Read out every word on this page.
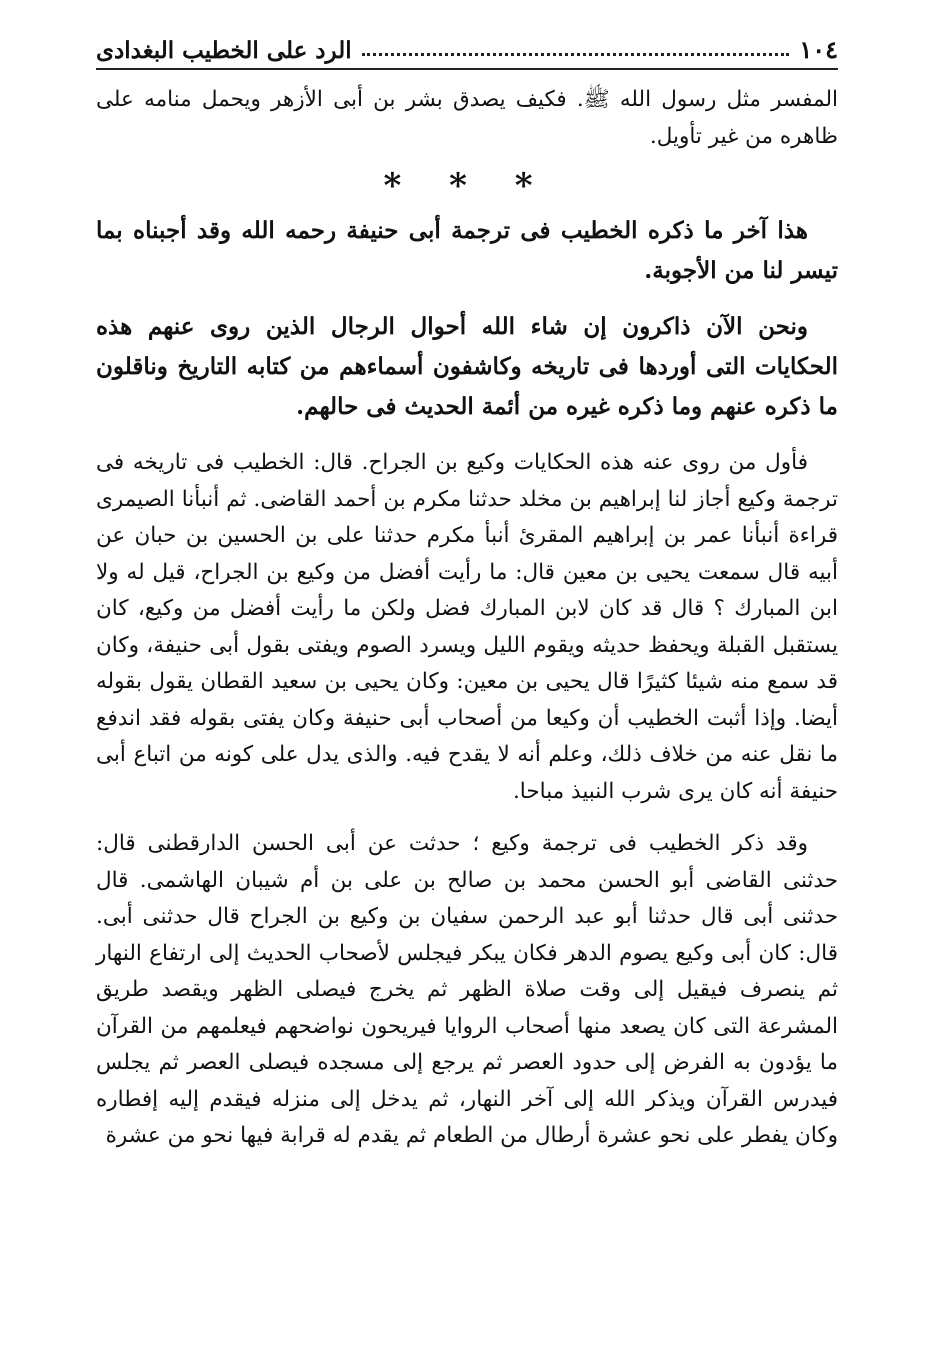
١٠٤
الرد على الخطيب البغدادى

المفسر مثل رسول الله ﷺ. فكيف يصدق بشر بن أبى الأزهر ويحمل منامه على ظاهره من غير تأويل.

* * *

هذا آخر ما ذكره الخطيب فى ترجمة أبى حنيفة رحمه الله وقد أجبناه بما تيسر لنا من الأجوبة.

ونحن الآن ذاكرون إن شاء الله أحوال الرجال الذين روى عنهم هذه الحكايات التى أوردها فى تاريخه وكاشفون أسماءهم من كتابه التاريخ وناقلون ما ذكره عنهم وما ذكره غيره من أئمة الحديث فى حالهم.

فأول من روى عنه هذه الحكايات وكيع بن الجراح. قال: الخطيب فى تاريخه فى ترجمة وكيع أجاز لنا إبراهيم بن مخلد حدثنا مكرم بن أحمد القاضى. ثم أنبأنا الصيمرى قراءة أنبأنا عمر بن إبراهيم المقرئ أنبأ مكرم حدثنا على بن الحسين بن حبان عن أبيه قال سمعت يحيى بن معين قال: ما رأيت أفضل من وكيع بن الجراح، قيل له ولا ابن المبارك ؟ قال قد كان لابن المبارك فضل ولكن ما رأيت أفضل من وكيع، كان يستقبل القبلة ويحفظ حديثه ويقوم الليل ويسرد الصوم ويفتى بقول أبى حنيفة، وكان قد سمع منه شيئا كثيرًا قال يحيى بن معين: وكان يحيى بن سعيد القطان يقول بقوله أيضا. وإذا أثبت الخطيب أن وكيعا من أصحاب أبى حنيفة وكان يفتى بقوله فقد اندفع ما نقل عنه من خلاف ذلك، وعلم أنه لا يقدح فيه. والذى يدل على كونه من اتباع أبى حنيفة أنه كان يرى شرب النبيذ مباحا.

وقد ذكر الخطيب فى ترجمة وكيع ؛ حدثت عن أبى الحسن الدارقطنى قال: حدثنى القاضى أبو الحسن محمد بن صالح بن على بن أم شيبان الهاشمى. قال حدثنى أبى قال حدثنا أبو عبد الرحمن سفيان بن وكيع بن الجراح قال حدثنى أبى. قال: كان أبى وكيع يصوم الدهر فكان يبكر فيجلس لأصحاب الحديث إلى ارتفاع النهار ثم ينصرف فيقيل إلى وقت صلاة الظهر ثم يخرج فيصلى الظهر ويقصد طريق المشرعة التى كان يصعد منها أصحاب الروايا فيريحون نواضحهم فيعلمهم من القرآن ما يؤدون به الفرض إلى حدود العصر ثم يرجع إلى مسجده فيصلى العصر ثم يجلس فيدرس القرآن ويذكر الله إلى آخر النهار، ثم يدخل إلى منزله فيقدم إليه إفطاره وكان يفطر على نحو عشرة أرطال من الطعام ثم يقدم له قرابة فيها نحو من عشرة
